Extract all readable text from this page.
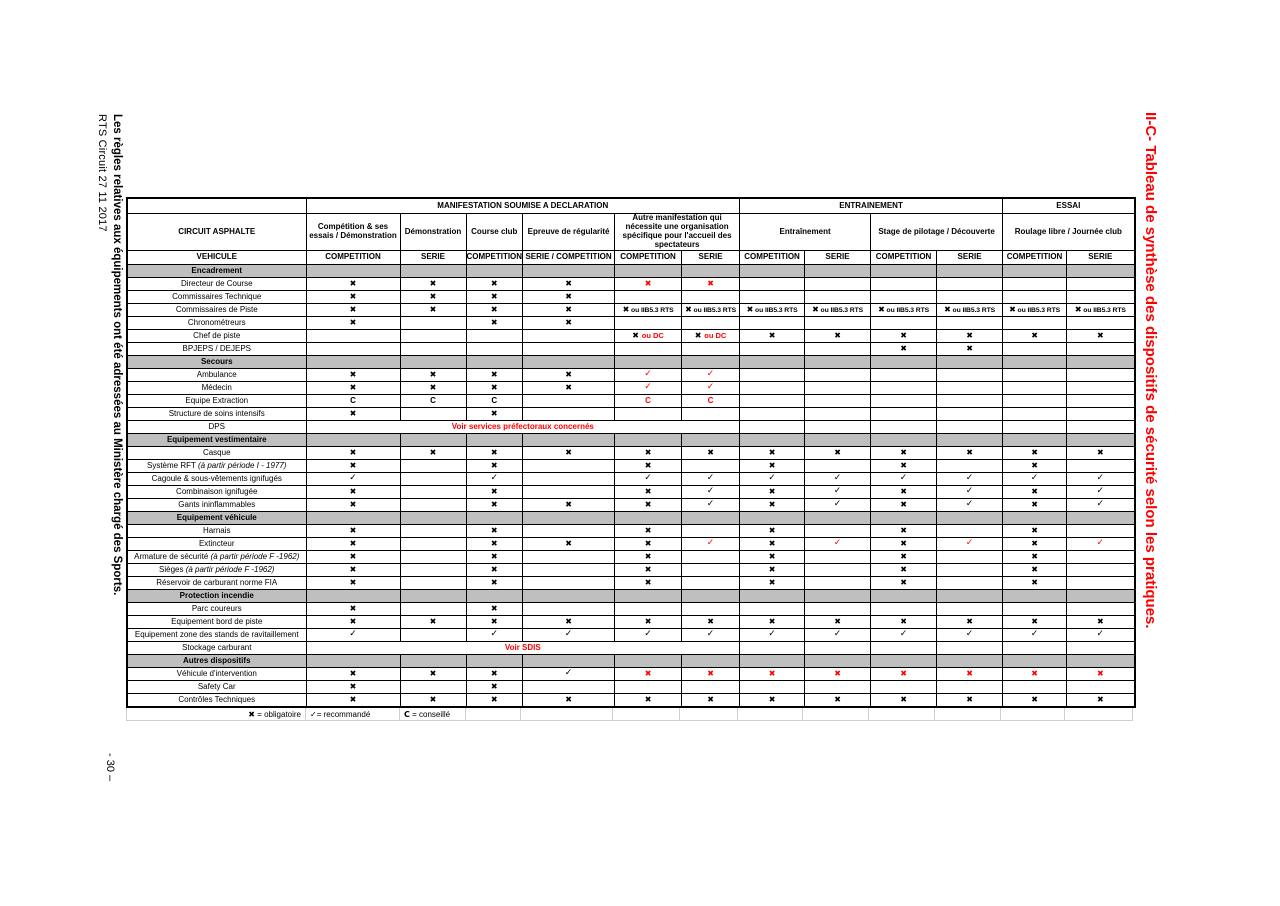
RTS Circuit 27 11 2017 Les règles relatives aux équipements ont été adressées au Ministère chargé des Sports.
- 30 –
II-C- Tableau de synthèse des dispositifs de sécurité selon les pratiques.
	MANIFESTATION SOUMISE A DECLARATION						ENTRAINEMENT				ESSAI	
CIRCUIT ASPHALTE	Compétition & ses essais / Démonstration	Démonstration	Course club	Epreuve de régularité	Autre manifestation qui nécessite une organisation spécifique pour l'accueil des spectateurs		Entraînement		Stage de pilotage / Découverte		Roulage libre / Journée club	
VEHICULE	COMPETITION	SERIE	COMPETITION	SERIE / COMPETITION	COMPETITION	SERIE	COMPETITION	SERIE	COMPETITION	SERIE	COMPETITION	SERIE
Encadrement												
Directeur de Course	✖	✖	✖	✖	✖	✖						
Commissaires Technique	✖	✖	✖	✖								
Commissaires de Piste	✖	✖	✖	✖	✖ ou IIB5.3 RTS	✖ ou IIB5.3 RTS	✖ ou IIB5.3 RTS	✖ ou IIB5.3 RTS	✖ ou IIB5.3 RTS	✖ ou IIB5.3 RTS	✖ ou IIB5.3 RTS	✖ ou IIB5.3 RTS
Chronométreurs	✖		✖	✖								
Chef de piste					✖ ou DC	✖ ou DC	✖	✖	✖	✖	✖	✖
BPJEPS / DEJEPS									✖	✖		
Secours												
Ambulance	✖	✖	✖	✖	✓	✓						
Médecin	✖	✖	✖	✖	✓	✓						
Equipe Extraction	C	C	C		C	C						
Structure de soins intensifs	✖		✖									
DPS	Voir services préfectoraux concernés											
Equipement vestimentaire												
Casque	✖	✖	✖	✖	✖	✖	✖	✖	✖	✖	✖	✖
Système RFT (à partir période I - 1977)	✖		✖		✖		✖		✖		✖	
Cagoule & sous-vêtements ignifugés	✓		✓		✓	✓	✓	✓	✓	✓	✓	✓
Combinaison ignifugée	✖		✖		✖	✓	✖	✓	✖	✓	✖	✓
Gants ininflammables	✖		✖	✖	✖	✓	✖	✓	✖	✓	✖	✓
Equipement véhicule												
Harnais	✖		✖		✖		✖		✖		✖	
Extincteur	✖		✖	✖	✖	✓	✖	✓	✖	✓	✖	✓
Armature de sécurité (à partir période F -1962)	✖		✖		✖		✖		✖		✖	
Sièges (à partir période F -1962)	✖		✖		✖		✖		✖		✖	
Réservoir de carburant norme FIA	✖		✖		✖		✖		✖		✖	
Protection incendie												
Parc coureurs	✖		✖									
Equipement bord de piste	✖	✖	✖	✖	✖	✖	✖	✖	✖	✖	✖	✖
Equipement zone des stands de ravitaillement	✓		✓	✓	✓	✓	✓	✓	✓	✓	✓	✓
Stockage carburant	Voir SDIS											
Autres dispositifs												
Véhicule d'intervention	✖	✖	✖	✓	✖	✖	✖	✖	✖	✖	✖	✖
Safety Car	✖		✖									
Contrôles Techniques	✖	✖	✖	✖	✖	✖	✖	✖	✖	✖	✖	✖
✖ = obligatoire	✓= recommandé	C = conseillé										
